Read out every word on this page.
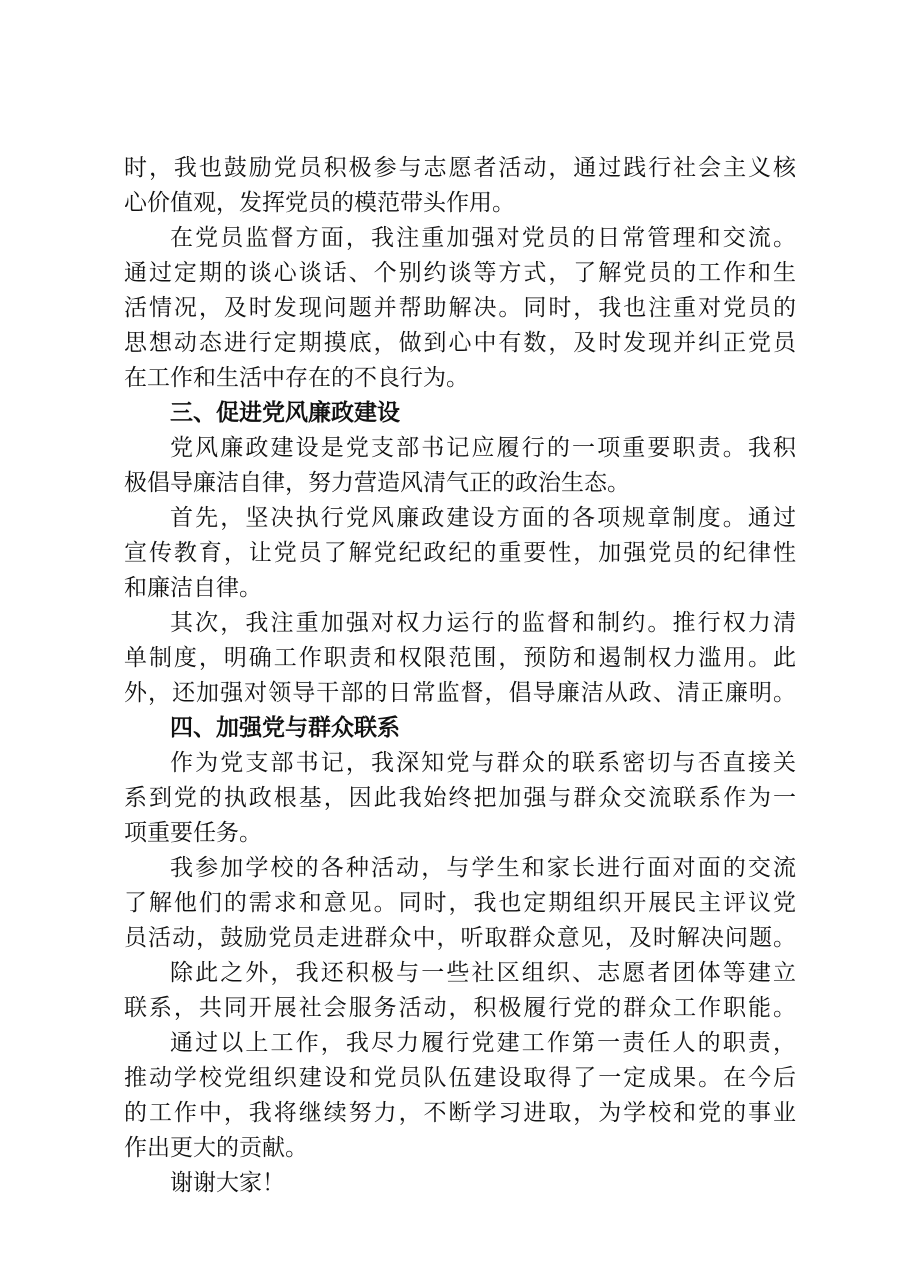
时，我也鼓励党员积极参与志愿者活动，通过践行社会主义核
心价值观，发挥党员的模范带头作用。
在党员监督方面，我注重加强对党员的日常管理和交流。
通过定期的谈心谈话、个别约谈等方式，了解党员的工作和生
活情况，及时发现问题并帮助解决。同时，我也注重对党员的
思想动态进行定期摸底，做到心中有数，及时发现并纠正党员
在工作和生活中存在的不良行为。
三、促进党风廉政建设
党风廉政建设是党支部书记应履行的一项重要职责。我积
极倡导廉洁自律，努力营造风清气正的政治生态。
首先，坚决执行党风廉政建设方面的各项规章制度。通过
宣传教育，让党员了解党纪政纪的重要性，加强党员的纪律性
和廉洁自律。
其次，我注重加强对权力运行的监督和制约。推行权力清
单制度，明确工作职责和权限范围，预防和遏制权力滥用。此
外，还加强对领导干部的日常监督，倡导廉洁从政、清正廉明。
四、加强党与群众联系
作为党支部书记，我深知党与群众的联系密切与否直接关
系到党的执政根基，因此我始终把加强与群众交流联系作为一
项重要任务。
我参加学校的各种活动，与学生和家长进行面对面的交流
了解他们的需求和意见。同时，我也定期组织开展民主评议党
员活动，鼓励党员走进群众中，听取群众意见，及时解决问题。
除此之外，我还积极与一些社区组织、志愿者团体等建立
联系，共同开展社会服务活动，积极履行党的群众工作职能。
通过以上工作，我尽力履行党建工作第一责任人的职责，
推动学校党组织建设和党员队伍建设取得了一定成果。在今后
的工作中，我将继续努力，不断学习进取，为学校和党的事业
作出更大的贡献。
谢谢大家！
